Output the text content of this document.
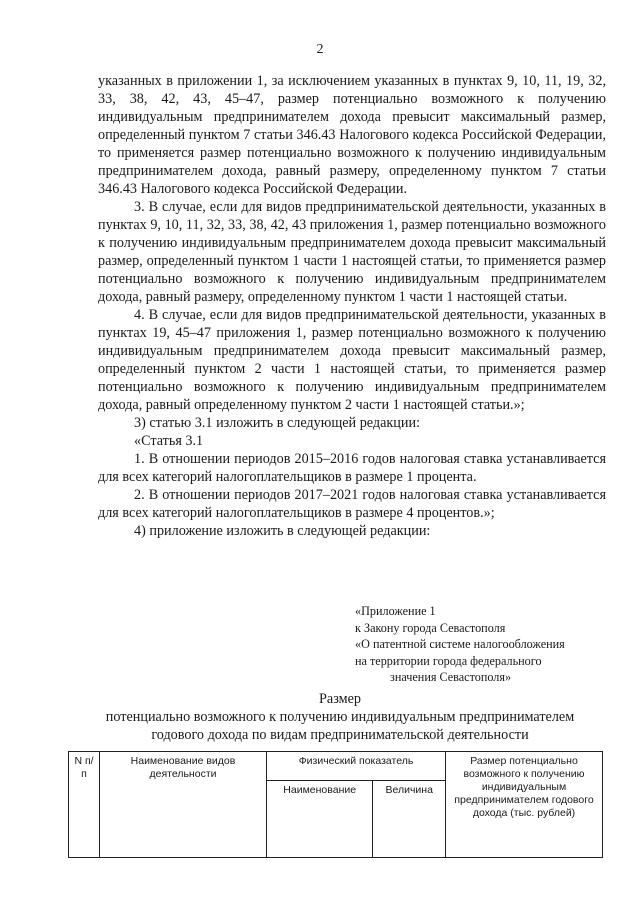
2

указанных в приложении 1, за исключением указанных в пунктах 9, 10, 11, 19, 32, 33, 38, 42, 43, 45–47, размер потенциально возможного к получению индивидуальным предпринимателем дохода превысит максимальный размер, определенный пунктом 7 статьи 346.43 Налогового кодекса Российской Федерации, то применяется размер потенциально возможного к получению индивидуальным предпринимателем дохода, равный размеру, определенному пунктом 7 статьи 346.43 Налогового кодекса Российской Федерации.

3. В случае, если для видов предпринимательской деятельности, указанных в пунктах 9, 10, 11, 32, 33, 38, 42, 43 приложения 1, размер потенциально возможного к получению индивидуальным предпринимателем дохода превысит максимальный размер, определенный пунктом 1 части 1 настоящей статьи, то применяется размер потенциально возможного к получению индивидуальным предпринимателем дохода, равный размеру, определенному пунктом 1 части 1 настоящей статьи.

4. В случае, если для видов предпринимательской деятельности, указанных в пунктах 19, 45–47 приложения 1, размер потенциально возможного к получению индивидуальным предпринимателем дохода превысит максимальный размер, определенный пунктом 2 части 1 настоящей статьи, то применяется размер потенциально возможного к получению индивидуальным предпринимателем дохода, равный определенному пунктом 2 части 1 настоящей статьи.»;

3) статью 3.1 изложить в следующей редакции:

«Статья 3.1

1. В отношении периодов 2015–2016 годов налоговая ставка устанавливается для всех категорий налогоплательщиков в размере 1 процента.

2. В отношении периодов 2017–2021 годов налоговая ставка устанавливается для всех категорий налогоплательщиков в размере 4 процентов.»;

4) приложение изложить в следующей редакции:

«Приложение 1
к Закону города Севастополя
«О патентной системе налогообложения
на территории города федерального
значения Севастополя»
Размер
потенциально возможного к получению индивидуальным предпринимателем
годового дохода по видам предпринимательской деятельности
N п/п	Наименование видов деятельности	Физический показатель		Размер потенциально возможного к получению индивидуальным предпринимателем годового дохода (тыс. рублей)
		Наименование	Величина	
